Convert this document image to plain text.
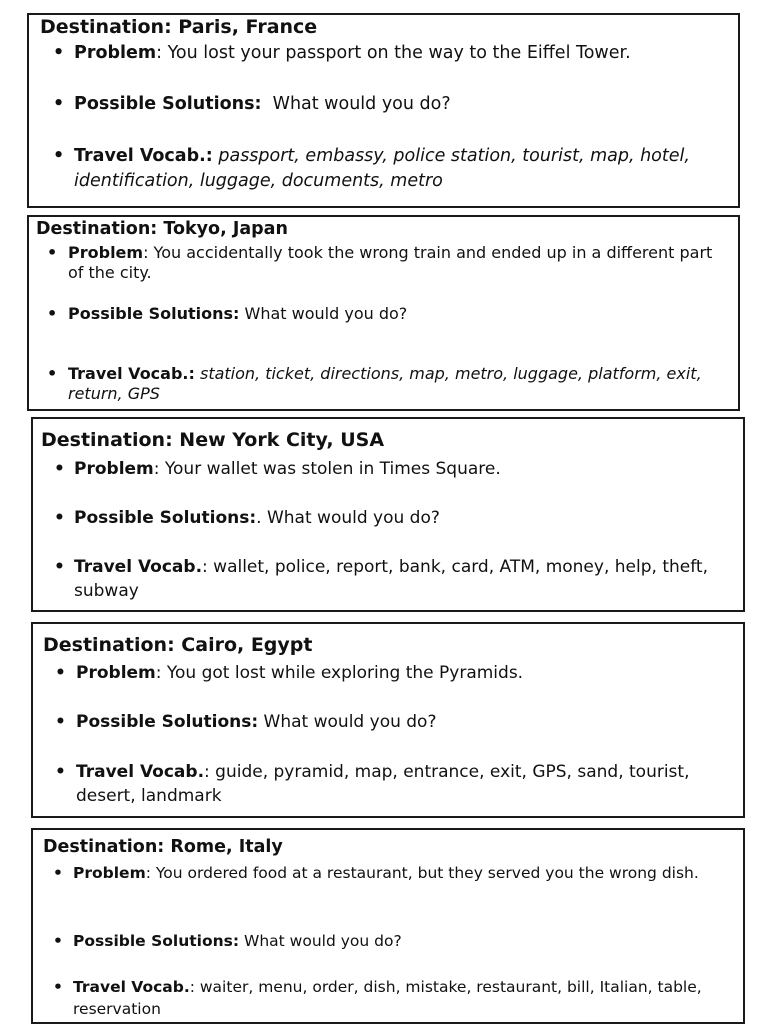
Destination: Paris, France
• Problem: You lost your passport on the way to the Eiffel Tower.
• Possible Solutions:  What would you do?
• Travel Vocab.: passport, embassy, police station, tourist, map, hotel, identification, luggage, documents, metro
Destination: Tokyo, Japan
• Problem: You accidentally took the wrong train and ended up in a different part of the city.
• Possible Solutions: What would you do?
• Travel Vocab.: station, ticket, directions, map, metro, luggage, platform, exit, return, GPS
Destination: New York City, USA
• Problem: Your wallet was stolen in Times Square.
• Possible Solutions:. What would you do?
• Travel Vocab.: wallet, police, report, bank, card, ATM, money, help, theft, subway
Destination: Cairo, Egypt
• Problem: You got lost while exploring the Pyramids.
• Possible Solutions: What would you do?
• Travel Vocab.: guide, pyramid, map, entrance, exit, GPS, sand, tourist, desert, landmark
Destination: Rome, Italy
• Problem: You ordered food at a restaurant, but they served you the wrong dish.
• Possible Solutions: What would you do?
• Travel Vocab.: waiter, menu, order, dish, mistake, restaurant, bill, Italian, table, reservation
